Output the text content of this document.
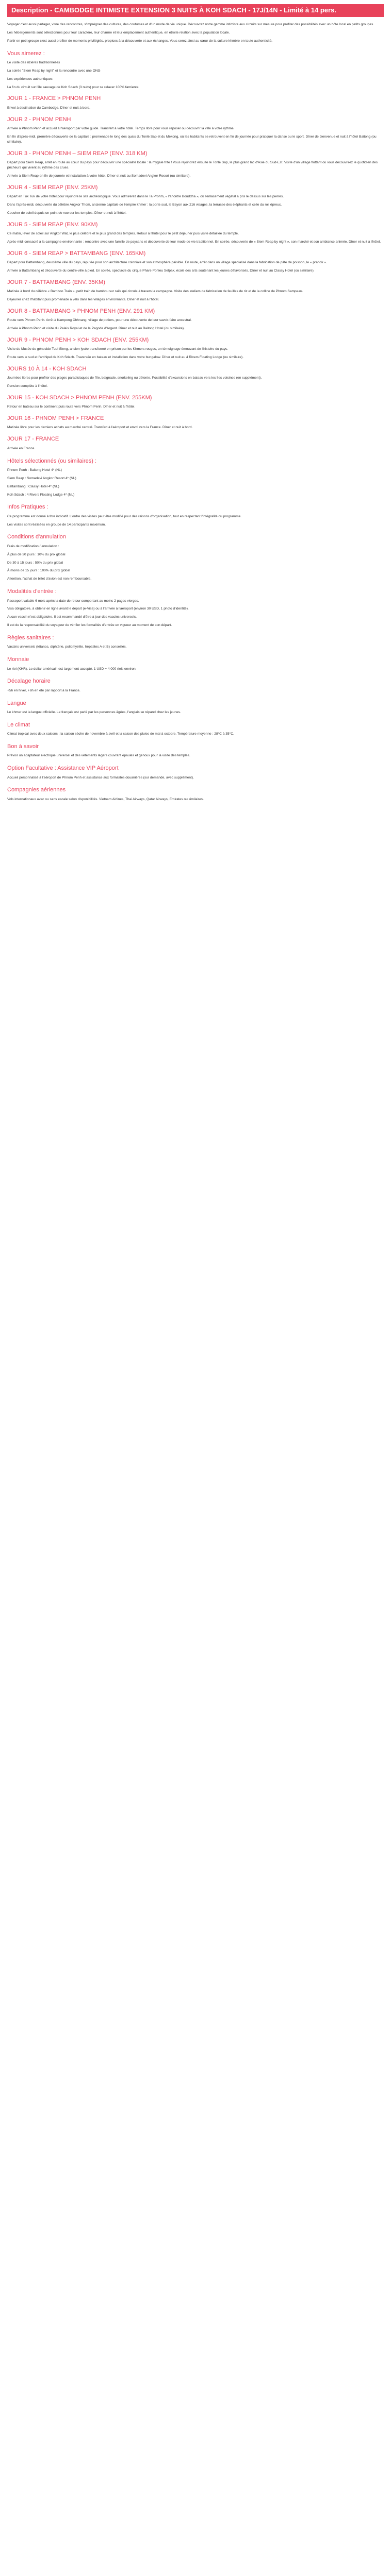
Description - CAMBODGE INTIMISTE EXTENSION 3 NUITS À KOH SDACH - 17J/14N - Limité à 14 pers.

Voyager c'est aussi partager, vivre des rencontres, s'imprégner des cultures, des coutumes et d'un mode de vie unique. Découvrez notre gamme intimiste aux circuits sur mesure pour profiter des possibilités avec un hôte local en petits groupes.

Les hébergements sont sélectionnés pour leur caractère, leur charme et leur emplacement authentique, en étroite relation avec la population locale.

Partir en petit groupe c'est aussi profiter de moments privilégiés, propices à la découverte et aux échanges. Vous serez ainsi au cœur de la culture khmère en toute authenticité.

Vous aimerez :

Le visite des rizières traditionnelles

La soirée "Siem Reap by night" et la rencontre avec une ONG

Les expériences authentiques

La fin du circuit sur l'île sauvage de Koh Sdach (3 nuits) pour se relaxer 100% farniente

JOUR 1 - FRANCE > PHNOM PENH

Envol à destination du Cambodge. Dîner et nuit à bord.

JOUR 2 - PHNOM PENH

Arrivée à Phnom Penh et accueil à l'aéroport par votre guide. Transfert à votre hôtel. Temps libre pour vous reposer ou découvrir la ville à votre rythme.

En fin d'après-midi, première découverte de la capitale : promenade le long des quais du Tonlé Sap et du Mékong, où les habitants se retrouvent en fin de journée pour pratiquer la danse ou le sport. Dîner de bienvenue et nuit à l'hôtel Baitong (ou similaire).

JOUR 3 - PHNOM PENH – SIEM REAP (ENV. 318 KM)

Départ pour Siem Reap, arrêt en route au cœur du pays pour découvrir une spécialité locale : la mygale frite ! Vous rejoindrez ensuite le Tonlé Sap, le plus grand lac d'Asie du Sud-Est. Visite d'un village flottant où vous découvrirez le quotidien des pêcheurs qui vivent au rythme des crues.

Arrivée à Siem Reap en fin de journée et installation à votre hôtel. Dîner et nuit au Somadevi Angkor Resort (ou similaire).

JOUR 4 - SIEM REAP (ENV. 25KM)

Départ en Tuk Tuk de votre hôtel pour rejoindre le site archéologique. Vous admirerez dans le Ta Prohm, « l'ancêtre Bouddha », où l'enlacement végétal a pris le dessus sur les pierres.

Dans l'après-midi, découverte du célèbre Angkor Thom, ancienne capitale de l'empire khmer : la porte sud, le Bayon aux 216 visages, la terrasse des éléphants et celle du roi lépreux.

Coucher de soleil depuis un point de vue sur les temples. Dîner et nuit à l'hôtel.

JOUR 5 - SIEM REAP (ENV. 90KM)

Ce matin, lever de soleil sur Angkor Wat, le plus célèbre et le plus grand des temples. Retour à l'hôtel pour le petit déjeuner puis visite détaillée du temple.

Après-midi consacré à la campagne environnante : rencontre avec une famille de paysans et découverte de leur mode de vie traditionnel. En soirée, découverte de « Siem Reap by night », son marché et son ambiance animée. Dîner et nuit à l'hôtel.

JOUR 6 - SIEM REAP > BATTAMBANG (ENV. 165KM)

Départ pour Battambang, deuxième ville du pays, réputée pour son architecture coloniale et son atmosphère paisible. En route, arrêt dans un village spécialisé dans la fabrication de pâte de poisson, le « prahok ».

Arrivée à Battambang et découverte du centre-ville à pied. En soirée, spectacle du cirque Phare Ponleu Selpak, école des arts soutenant les jeunes défavorisés. Dîner et nuit au Classy Hotel (ou similaire).

JOUR 7 - BATTAMBANG (ENV. 35KM)

Matinée à bord du célèbre « Bamboo Train », petit train de bambou sur rails qui circule à travers la campagne. Visite des ateliers de fabrication de feuilles de riz et de la colline de Phnom Sampeau.

Déjeuner chez l'habitant puis promenade à vélo dans les villages environnants. Dîner et nuit à l'hôtel.

JOUR 8 - BATTAMBANG > PHNOM PENH (ENV. 291 KM)

Route vers Phnom Penh. Arrêt à Kampong Chhnang, village de potiers, pour une découverte de leur savoir-faire ancestral.

Arrivée à Phnom Penh et visite du Palais Royal et de la Pagode d'Argent. Dîner et nuit au Baitong Hotel (ou similaire).

JOUR 9 - PHNOM PENH > KOH SDACH (ENV. 255KM)

Visite du Musée du génocide Tuol Sleng, ancien lycée transformé en prison par les Khmers rouges, un témoignage émouvant de l'histoire du pays.

Route vers le sud et l'archipel de Koh Sdach. Traversée en bateau et installation dans votre bungalow. Dîner et nuit au 4 Rivers Floating Lodge (ou similaire).

JOURS 10 À 14 - KOH SDACH

Journées libres pour profiter des plages paradisiaques de l'île, baignade, snorkeling ou détente. Possibilité d'excursions en bateau vers les îles voisines (en supplément).

Pension complète à l'hôtel.

JOUR 15 - KOH SDACH > PHNOM PENH (ENV. 255KM)

Retour en bateau sur le continent puis route vers Phnom Penh. Dîner et nuit à l'hôtel.

JOUR 16 - PHNOM PENH > FRANCE

Matinée libre pour les derniers achats au marché central. Transfert à l'aéroport et envol vers la France. Dîner et nuit à bord.

JOUR 17 - FRANCE

Arrivée en France.

Hôtels sélectionnés (ou similaires) :

Phnom Penh : Baitong Hotel 4* (NL)

Siem Reap : Somadevi Angkor Resort 4* (NL)

Battambang : Classy Hotel 4* (NL)

Koh Sdach : 4 Rivers Floating Lodge 4* (NL)

Infos Pratiques :

Ce programme est donné à titre indicatif. L'ordre des visites peut être modifié pour des raisons d'organisation, tout en respectant l'intégralité du programme.

Les visites sont réalisées en groupe de 14 participants maximum.

Conditions d'annulation

Frais de modification / annulation :

À plus de 30 jours : 10% du prix global

De 30 à 15 jours : 50% du prix global

À moins de 15 jours : 100% du prix global

Attention, l'achat de billet d'avion est non remboursable.

Modalités d'entrée :

Passeport valable 6 mois après la date de retour comportant au moins 2 pages vierges.

Visa obligatoire, à obtenir en ligne avant le départ (e-Visa) ou à l'arrivée à l'aéroport (environ 30 USD, 1 photo d'identité).

Aucun vaccin n'est obligatoire. Il est recommandé d'être à jour des vaccins universels.

Il est de la responsabilité du voyageur de vérifier les formalités d'entrée en vigueur au moment de son départ.

Règles sanitaires :

Vaccins universels (tétanos, diphtérie, poliomyélite, hépatites A et B) conseillés.

Monnaie

Le riel (KHR). Le dollar américain est largement accepté. 1 USD = 4 000 riels environ.

Décalage horaire

+5h en hiver, +6h en été par rapport à la France.

Langue

Le khmer est la langue officielle. Le français est parlé par les personnes âgées, l'anglais se répand chez les jeunes.

Le climat

Climat tropical avec deux saisons : la saison sèche de novembre à avril et la saison des pluies de mai à octobre. Température moyenne : 28°C à 35°C.

Bon à savoir

Prévoir un adaptateur électrique universel et des vêtements légers couvrant épaules et genoux pour la visite des temples.

Option Facultative : Assistance VIP Aéroport

Accueil personnalisé à l'aéroport de Phnom Penh et assistance aux formalités douanières (sur demande, avec supplément).

Compagnies aériennes

Vols internationaux avec ou sans escale selon disponibilités. Vietnam Airlines, Thai Airways, Qatar Airways, Emirates ou similaires.
